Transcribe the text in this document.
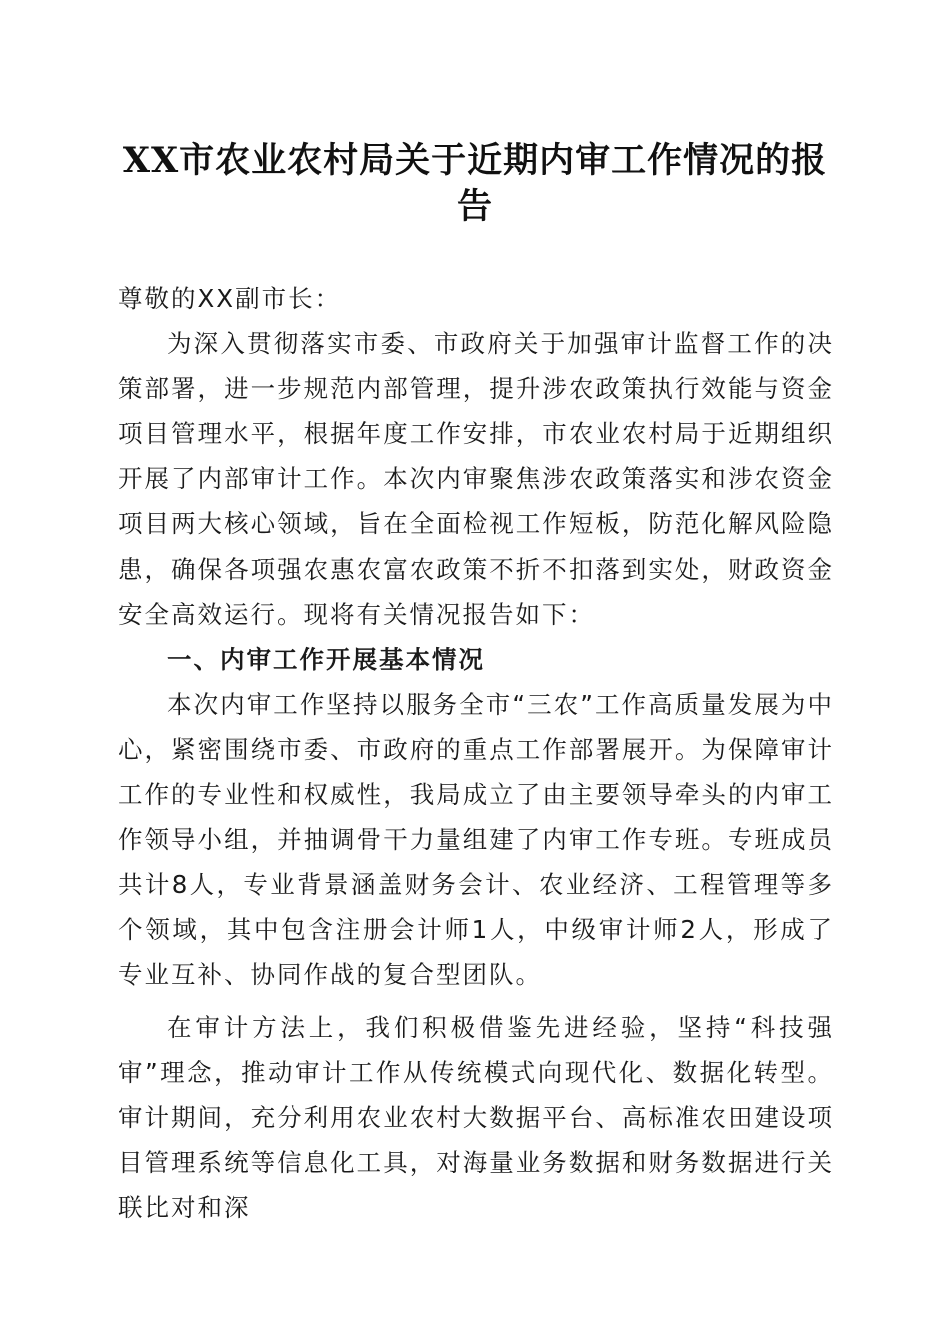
XX市农业农村局关于近期内审工作情况的报告

尊敬的XX副市长：

为深入贯彻落实市委、市政府关于加强审计监督工作的决策部署，进一步规范内部管理，提升涉农政策执行效能与资金项目管理水平，根据年度工作安排，市农业农村局于近期组织开展了内部审计工作。本次内审聚焦涉农政策落实和涉农资金项目两大核心领域，旨在全面检视工作短板，防范化解风险隐患，确保各项强农惠农富农政策不折不扣落到实处，财政资金安全高效运行。现将有关情况报告如下：

一、内审工作开展基本情况

本次内审工作坚持以服务全市“三农”工作高质量发展为中心，紧密围绕市委、市政府的重点工作部署展开。为保障审计工作的专业性和权威性，我局成立了由主要领导牵头的内审工作领导小组，并抽调骨干力量组建了内审工作专班。专班成员共计8人，专业背景涵盖财务会计、农业经济、工程管理等多个领域，其中包含注册会计师1人，中级审计师2人，形成了专业互补、协同作战的复合型团队。

在审计方法上，我们积极借鉴先进经验，坚持“科技强审”理念，推动审计工作从传统模式向现代化、数据化转型。审计期间，充分利用农业农村大数据平台、高标准农田建设项目管理系统等信息化工具，对海量业务数据和财务数据进行关联比对和深
